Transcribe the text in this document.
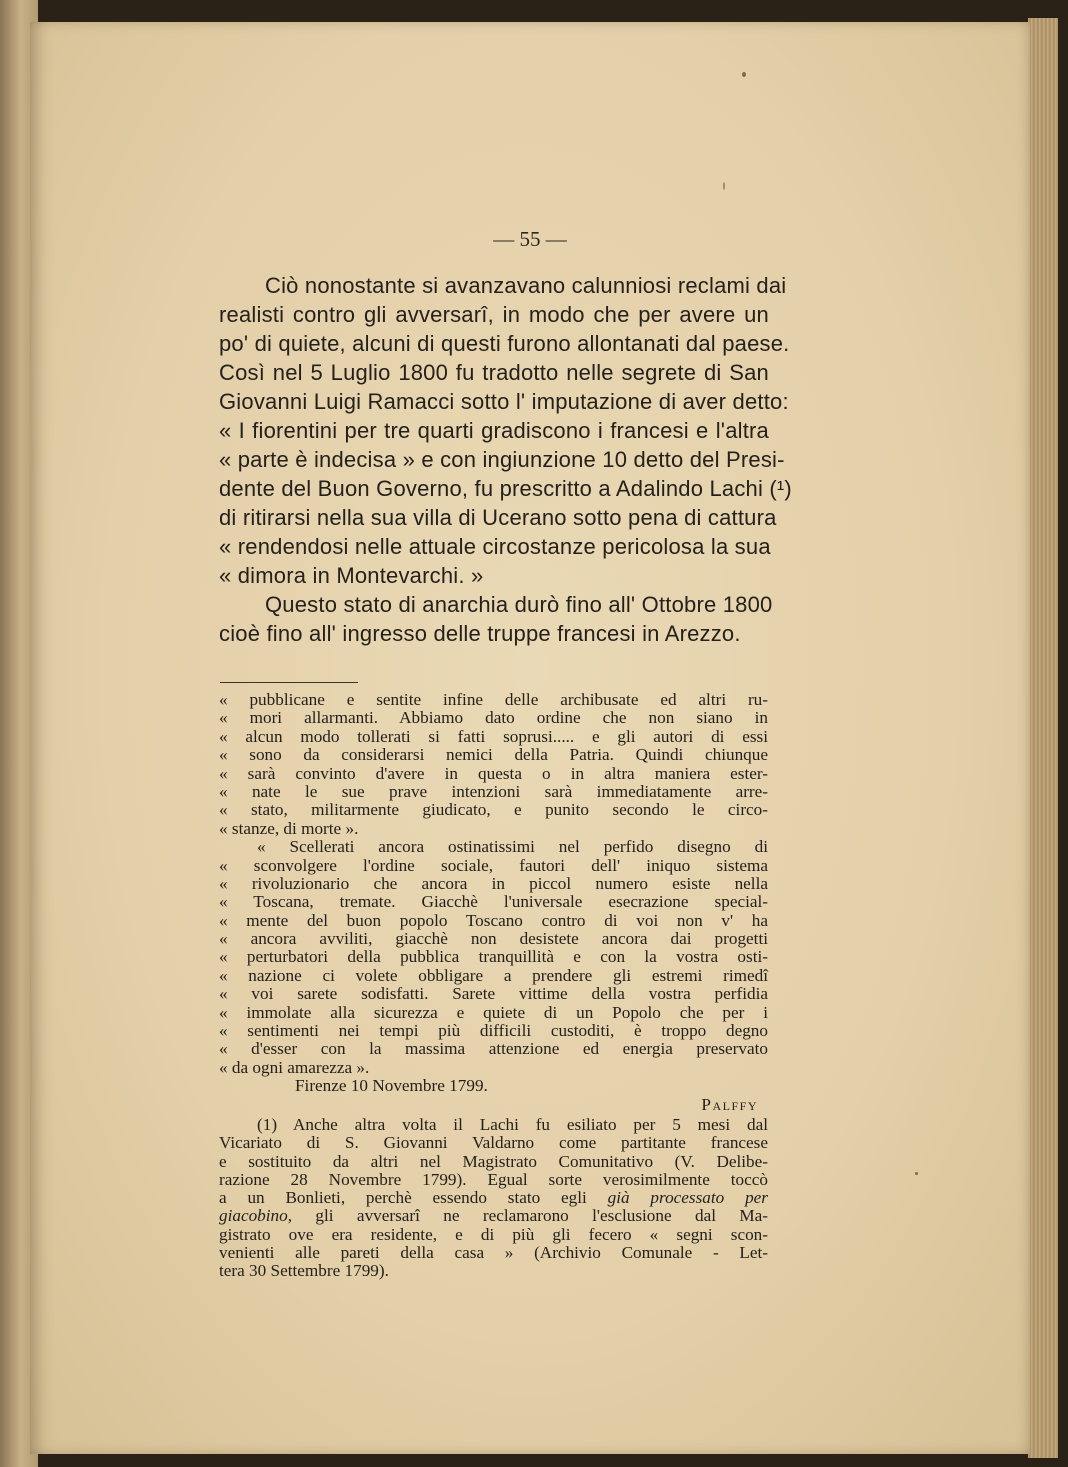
— 55 —
Ciò nonostante si avanzavano calunniosi reclami dai
realisti contro gli avversarî, in modo che per avere un
po' di quiete, alcuni di questi furono allontanati dal paese.
Così nel 5 Luglio 1800 fu tradotto nelle segrete di San
Giovanni Luigi Ramacci sotto l' imputazione di aver detto:
« I fiorentini per tre quarti gradiscono i francesi e l'altra
« parte è indecisa » e con ingiunzione 10 detto del Presi-
dente del Buon Governo, fu prescritto a Adalindo Lachi (¹)
di ritirarsi nella sua villa di Ucerano sotto pena di cattura
« rendendosi nelle attuale circostanze pericolosa la sua
« dimora in Montevarchi. »
Questo stato di anarchia durò fino all' Ottobre 1800
cioè fino all' ingresso delle truppe francesi in Arezzo.
« pubblicane e sentite infine delle archibusate ed altri ru-
« mori allarmanti. Abbiamo dato ordine che non siano in
« alcun modo tollerati si fatti soprusi..... e gli autori di essi
« sono da considerarsi nemici della Patria. Quindi chiunque
« sarà convinto d'avere in questa o in altra maniera ester-
« nate le sue prave intenzioni sarà immediatamente arre-
« stato, militarmente giudicato, e punito secondo le circo-
« stanze, di morte ».
« Scellerati ancora ostinatissimi nel perfido disegno di
« sconvolgere l'ordine sociale, fautori dell' iniquo sistema
« rivoluzionario che ancora in piccol numero esiste nella
« Toscana, tremate. Giacchè l'universale esecrazione special-
« mente del buon popolo Toscano contro di voi non v' ha
« ancora avviliti, giacchè non desistete ancora dai progetti
« perturbatori della pubblica tranquillità e con la vostra osti-
« nazione ci volete obbligare a prendere gli estremi rimedî
« voi sarete sodisfatti. Sarete vittime della vostra perfidia
« immolate alla sicurezza e quiete di un Popolo che per i
« sentimenti nei tempi più difficili custoditi, è troppo degno
« d'esser con la massima attenzione ed energia preservato
« da ogni amarezza ».
Firenze 10 Novembre 1799.
Palffy
(1) Anche altra volta il Lachi fu esiliato per 5 mesi dal
Vicariato di S. Giovanni Valdarno come partitante francese
e sostituito da altri nel Magistrato Comunitativo (V. Delibe-
razione 28 Novembre 1799). Egual sorte verosimilmente toccò
a un Bonlieti, perchè essendo stato egli già processato per
giacobino, gli avversarî ne reclamarono l'esclusione dal Ma-
gistrato ove era residente, e di più gli fecero « segni scon-
venienti alle pareti della casa » (Archivio Comunale - Let-
tera 30 Settembre 1799).
